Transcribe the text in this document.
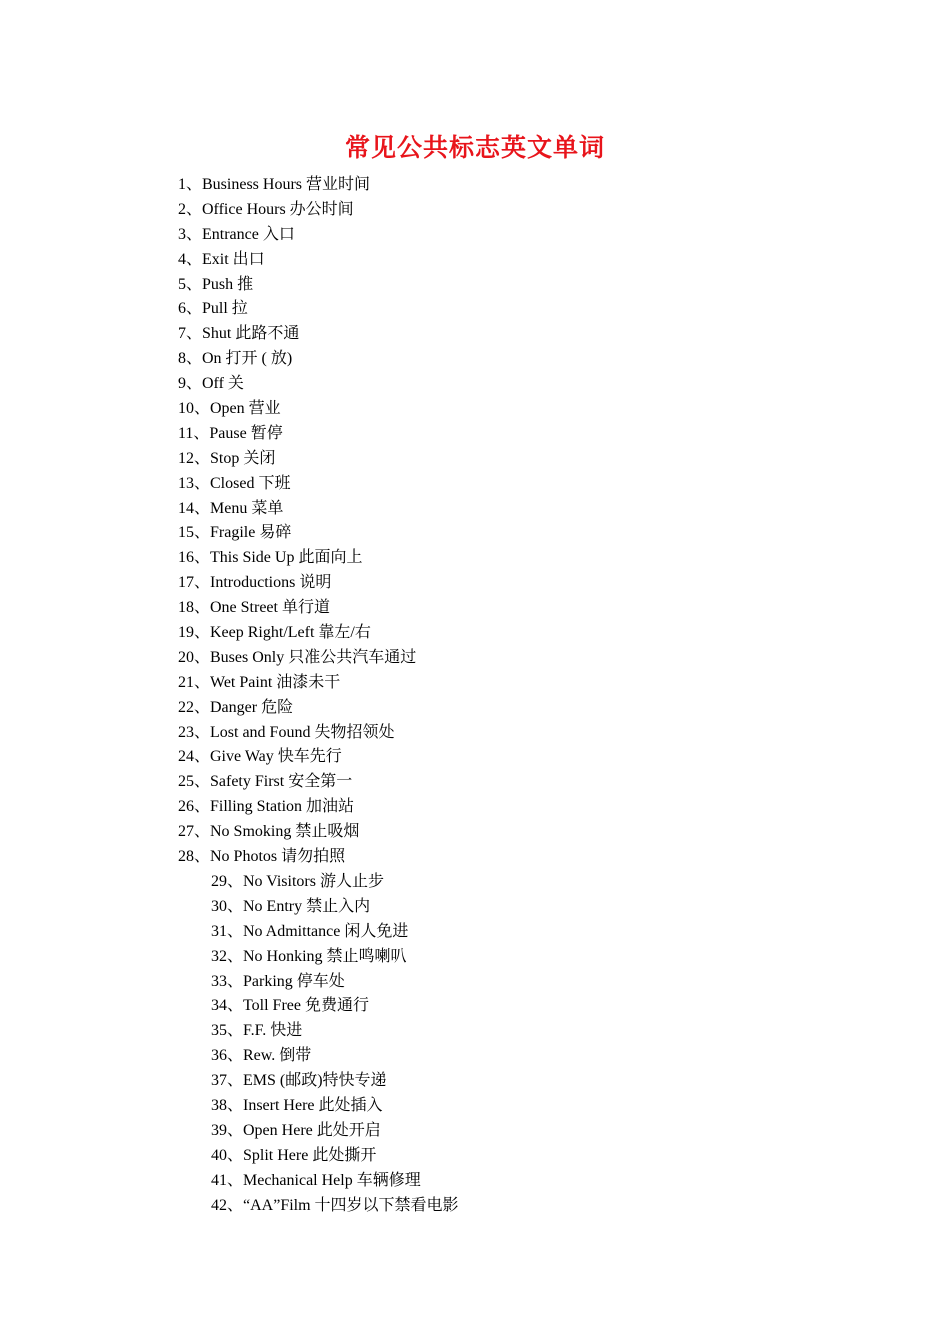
常见公共标志英文单词
1、Business Hours 营业时间
2、Office Hours 办公时间
3、Entrance 入口
4、Exit 出口
5、Push 推
6、Pull 拉
7、Shut 此路不通
8、On 打开 ( 放)
9、Off 关
10、Open 营业
11、Pause 暂停
12、Stop 关闭
13、Closed 下班
14、Menu 菜单
15、Fragile 易碎
16、This Side Up 此面向上
17、Introductions 说明
18、One Street 单行道
19、Keep Right/Left 靠左/右
20、Buses Only 只准公共汽车通过
21、Wet Paint 油漆未干
22、Danger 危险
23、Lost and Found 失物招领处
24、Give Way 快车先行
25、Safety First 安全第一
26、Filling Station 加油站
27、No Smoking 禁止吸烟
28、No Photos 请勿拍照
29、No Visitors 游人止步
30、No Entry 禁止入内
31、No Admittance 闲人免进
32、No Honking 禁止鸣喇叭
33、Parking 停车处
34、Toll Free 免费通行
35、F.F. 快进
36、Rew. 倒带
37、EMS (邮政)特快专递
38、Insert Here 此处插入
39、Open Here 此处开启
40、Split Here 此处撕开
41、Mechanical Help 车辆修理
42、“AA”Film 十四岁以下禁看电影
